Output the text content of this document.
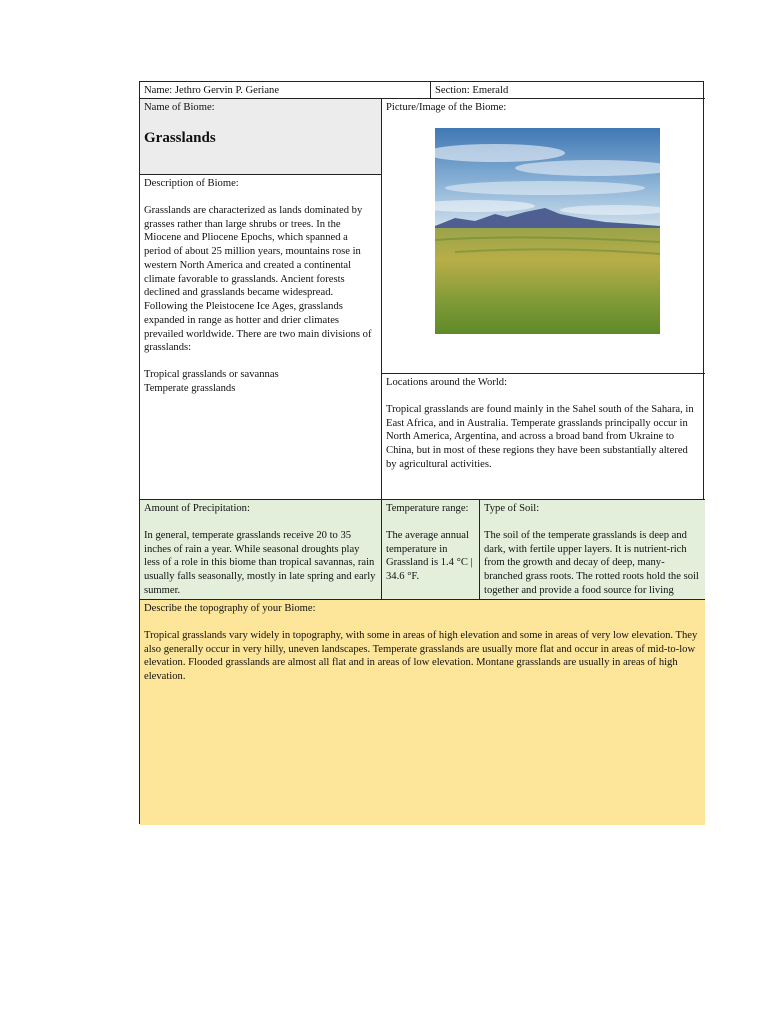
Name: Jethro Gervin P. Geriane	Section: Emerald
Name of Biome:
Grasslands
Picture/Image of the Biome:
Description of Biome:

Grasslands are characterized as lands dominated by grasses rather than large shrubs or trees. In the Miocene and Pliocene Epochs, which spanned a period of about 25 million years, mountains rose in western North America and created a continental climate favorable to grasslands. Ancient forests declined and grasslands became widespread. Following the Pleistocene Ice Ages, grasslands expanded in range as hotter and drier climates prevailed worldwide. There are two main divisions of grasslands:

Tropical grasslands or savannas

Temperate grasslands

Locations around the World:

Tropical grasslands are found mainly in the Sahel south of the Sahara, in East Africa, and in Australia. Temperate grasslands principally occur in North America, Argentina, and across a broad band from Ukraine to China, but in most of these regions they have been substantially altered by agricultural activities.

Amount of Precipitation:

In general, temperate grasslands receive 20 to 35 inches of rain a year. While seasonal droughts play less of a role in this biome than tropical savannas, rain usually falls seasonally, mostly in late spring and early summer.

Temperature range:

The average annual temperature in Grassland is 1.4 °C | 34.6 °F.

Type of Soil:

The soil of the temperate grasslands is deep and dark, with fertile upper layers. It is nutrient-rich from the growth and decay of deep, many-branched grass roots. The rotted roots hold the soil together and provide a food source for living

Describe the topography of your Biome:

Tropical grasslands vary widely in topography, with some in areas of high elevation and some in areas of very low elevation. They also generally occur in very hilly, uneven landscapes. Temperate grasslands are usually more flat and occur in areas of mid-to-low elevation. Flooded grasslands are almost all flat and in areas of low elevation. Montane grasslands are usually in areas of high elevation.
